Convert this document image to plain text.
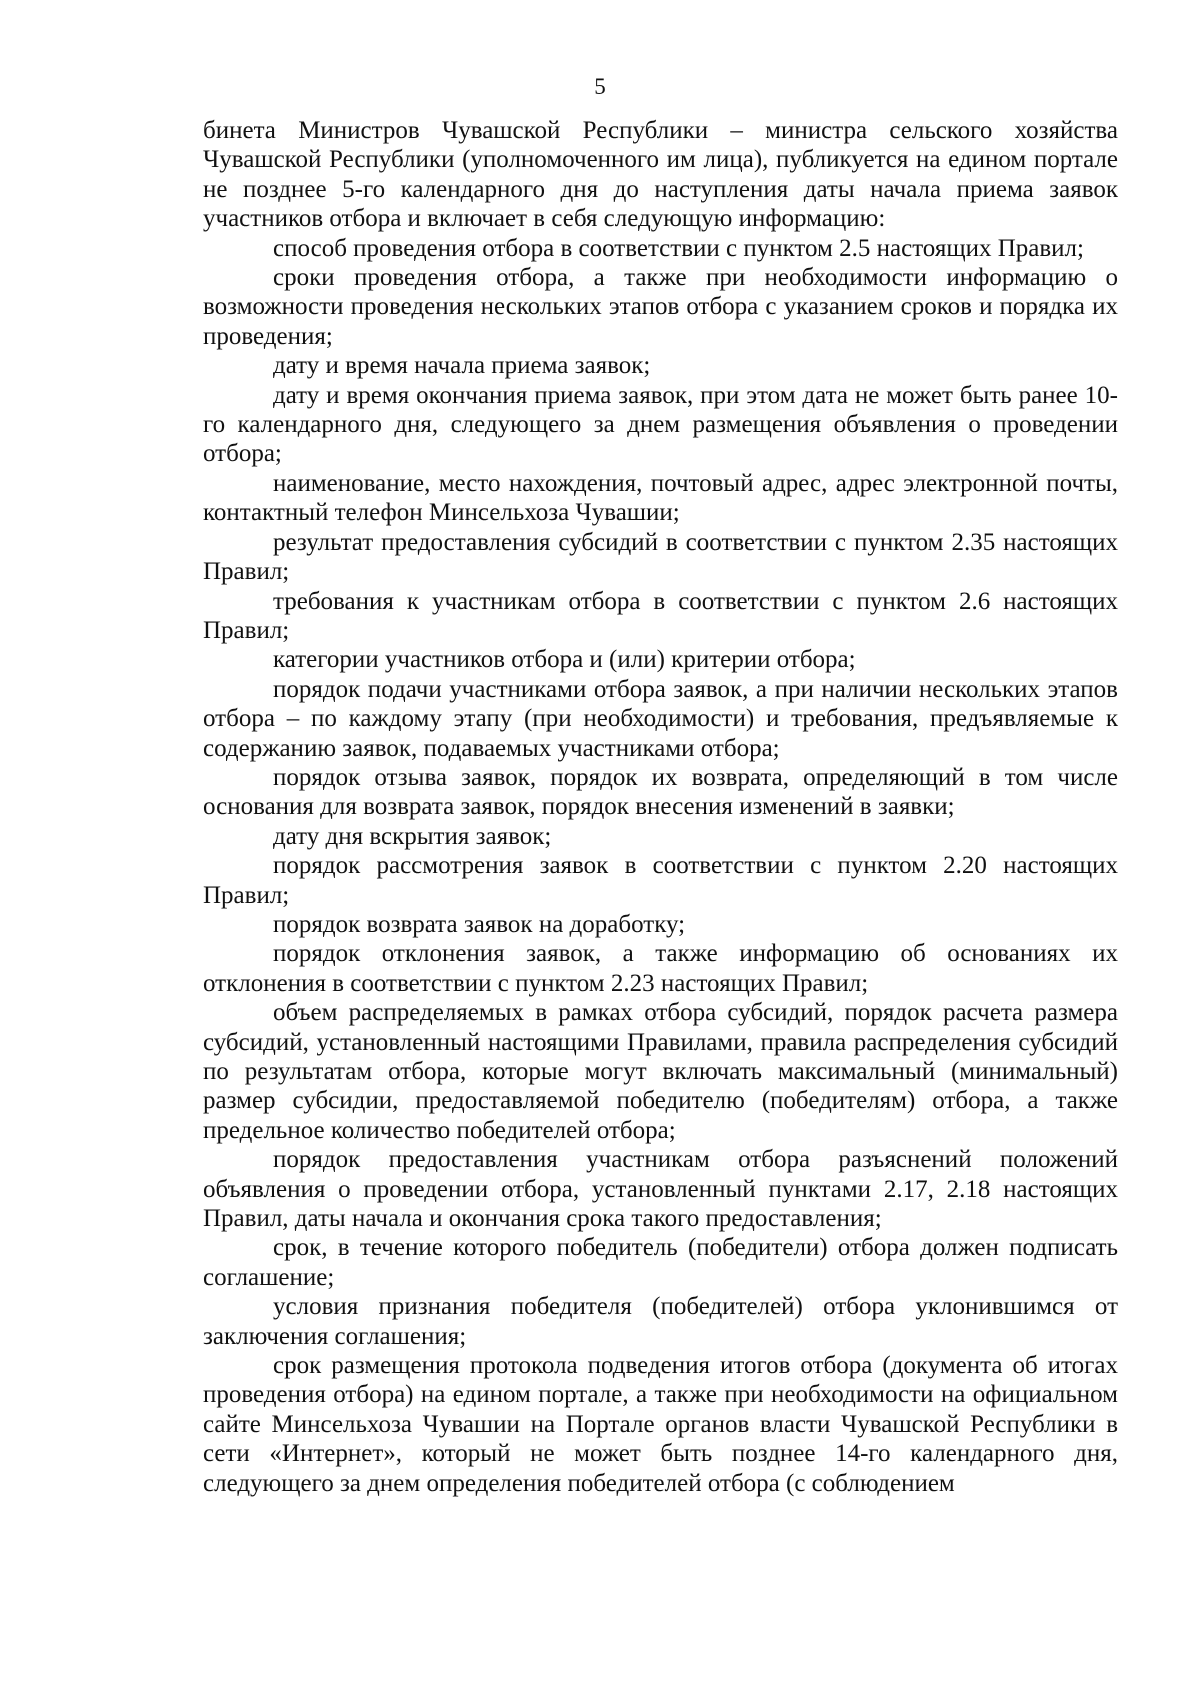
5

бинета Министров Чувашской Республики – министра сельского хозяйства Чувашской Республики (уполномоченного им лица), публикуется на едином портале не позднее 5-го календарного дня до наступления даты начала приема заявок участников отбора и включает в себя следующую информацию:

способ проведения отбора в соответствии с пунктом 2.5 настоящих Правил;

сроки проведения отбора, а также при необходимости информацию о возможности проведения нескольких этапов отбора с указанием сроков и порядка их проведения;

дату и время начала приема заявок;

дату и время окончания приема заявок, при этом дата не может быть ранее 10-го календарного дня, следующего за днем размещения объявления о проведении отбора;

наименование, место нахождения, почтовый адрес, адрес электронной почты, контактный телефон Минсельхоза Чувашии;

результат предоставления субсидий в соответствии с пунктом 2.35 настоящих Правил;

требования к участникам отбора в соответствии с пунктом 2.6 настоящих Правил;

категории участников отбора и (или) критерии отбора;

порядок подачи участниками отбора заявок, а при наличии нескольких этапов отбора – по каждому этапу (при необходимости) и требования, предъявляемые к содержанию заявок, подаваемых участниками отбора;

порядок отзыва заявок, порядок их возврата, определяющий в том числе основания для возврата заявок, порядок внесения изменений в заявки;

дату дня вскрытия заявок;

порядок рассмотрения заявок в соответствии с пунктом 2.20 настоящих Правил;

порядок возврата заявок на доработку;

порядок отклонения заявок, а также информацию об основаниях их отклонения в соответствии с пунктом 2.23 настоящих Правил;

объем распределяемых в рамках отбора субсидий, порядок расчета размера субсидий, установленный настоящими Правилами, правила распределения субсидий по результатам отбора, которые могут включать максимальный (минимальный) размер субсидии, предоставляемой победителю (победителям) отбора, а также предельное количество победителей отбора;

порядок предоставления участникам отбора разъяснений положений объявления о проведении отбора, установленный пунктами 2.17, 2.18 настоящих Правил, даты начала и окончания срока такого предоставления;

срок, в течение которого победитель (победители) отбора должен подписать соглашение;

условия признания победителя (победителей) отбора уклонившимся от заключения соглашения;

срок размещения протокола подведения итогов отбора (документа об итогах проведения отбора) на едином портале, а также при необходимости на официальном сайте Минсельхоза Чувашии на Портале органов власти Чувашской Республики в сети «Интернет», который не может быть позднее 14-го календарного дня, следующего за днем определения победителей отбора (с соблюдением
